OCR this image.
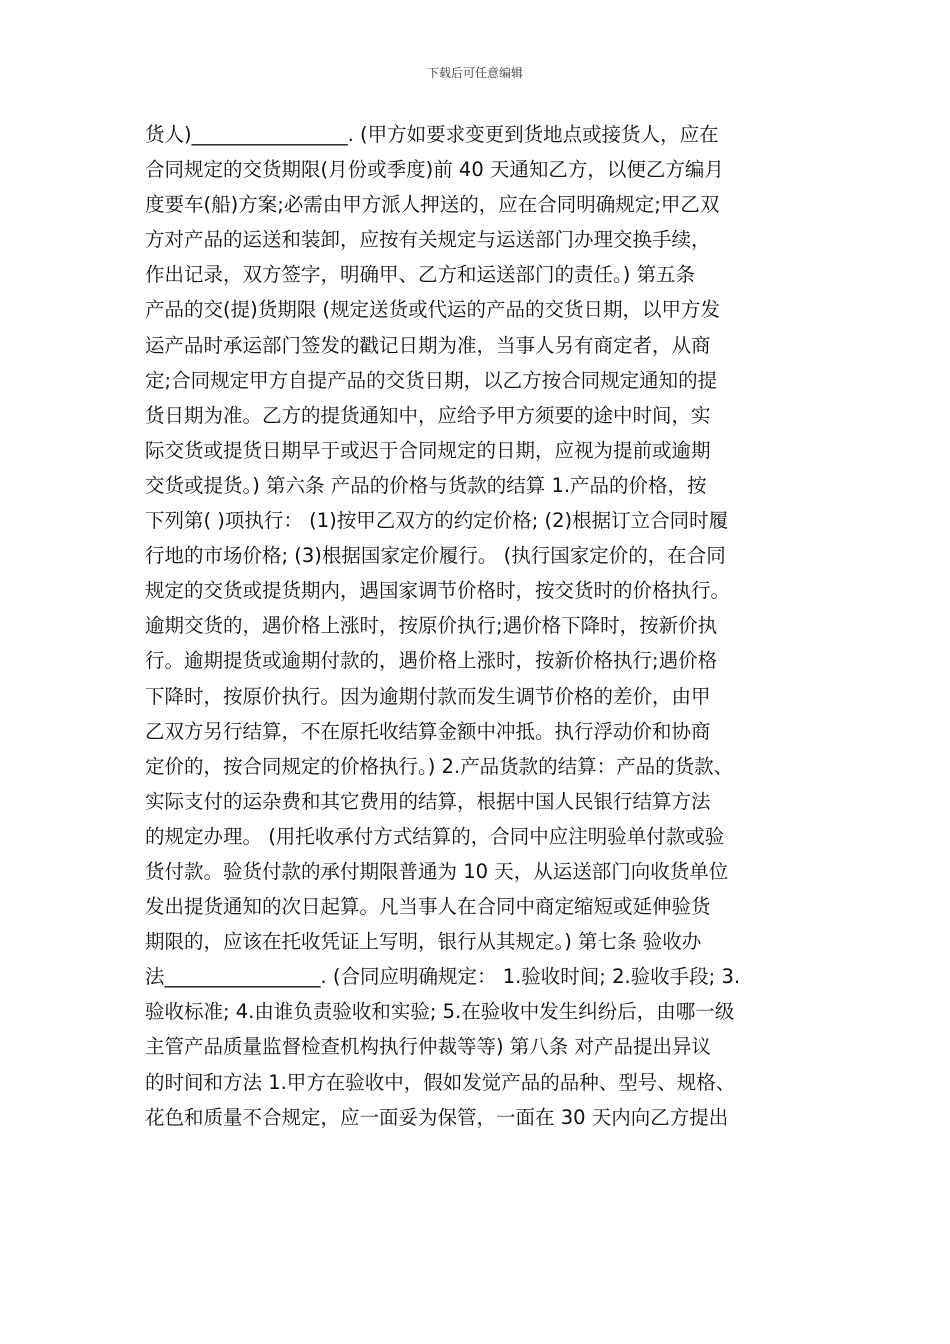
下载后可任意编辑
货人)________________. (甲方如要求变更到货地点或接货人，应在
合同规定的交货期限(月份或季度)前 40 天通知乙方，以便乙方编月
度要车(船)方案;必需由甲方派人押送的，应在合同明确规定;甲乙双
方对产品的运送和装卸，应按有关规定与运送部门办理交换手续，
作出记录，双方签字，明确甲、乙方和运送部门的责任。) 第五条
产品的交(提)货期限 (规定送货或代运的产品的交货日期，以甲方发
运产品时承运部门签发的戳记日期为准，当事人另有商定者，从商
定;合同规定甲方自提产品的交货日期，以乙方按合同规定通知的提
货日期为准。乙方的提货通知中，应给予甲方须要的途中时间，实
际交货或提货日期早于或迟于合同规定的日期，应视为提前或逾期
交货或提货。) 第六条 产品的价格与货款的结算 1.产品的价格，按
下列第( )项执行： (1)按甲乙双方的约定价格; (2)根据订立合同时履
行地的市场价格; (3)根据国家定价履行。 (执行国家定价的，在合同
规定的交货或提货期内，遇国家调节价格时，按交货时的价格执行。
逾期交货的，遇价格上涨时，按原价执行;遇价格下降时，按新价执
行。逾期提货或逾期付款的，遇价格上涨时，按新价格执行;遇价格
下降时，按原价执行。因为逾期付款而发生调节价格的差价，由甲
乙双方另行结算，不在原托收结算金额中冲抵。执行浮动价和协商
定价的，按合同规定的价格执行。) 2.产品货款的结算：产品的货款、
实际支付的运杂费和其它费用的结算，根据中国人民银行结算方法
的规定办理。 (用托收承付方式结算的，合同中应注明验单付款或验
货付款。验货付款的承付期限普通为 10 天，从运送部门向收货单位
发出提货通知的次日起算。凡当事人在合同中商定缩短或延伸验货
期限的，应该在托收凭证上写明，银行从其规定。) 第七条 验收办
法________________. (合同应明确规定： 1.验收时间; 2.验收手段; 3.
验收标准; 4.由谁负责验收和实验; 5.在验收中发生纠纷后，由哪一级
主管产品质量监督检查机构执行仲裁等等) 第八条 对产品提出异议
的时间和方法 1.甲方在验收中，假如发觉产品的品种、型号、规格、
花色和质量不合规定，应一面妥为保管，一面在 30 天内向乙方提出
